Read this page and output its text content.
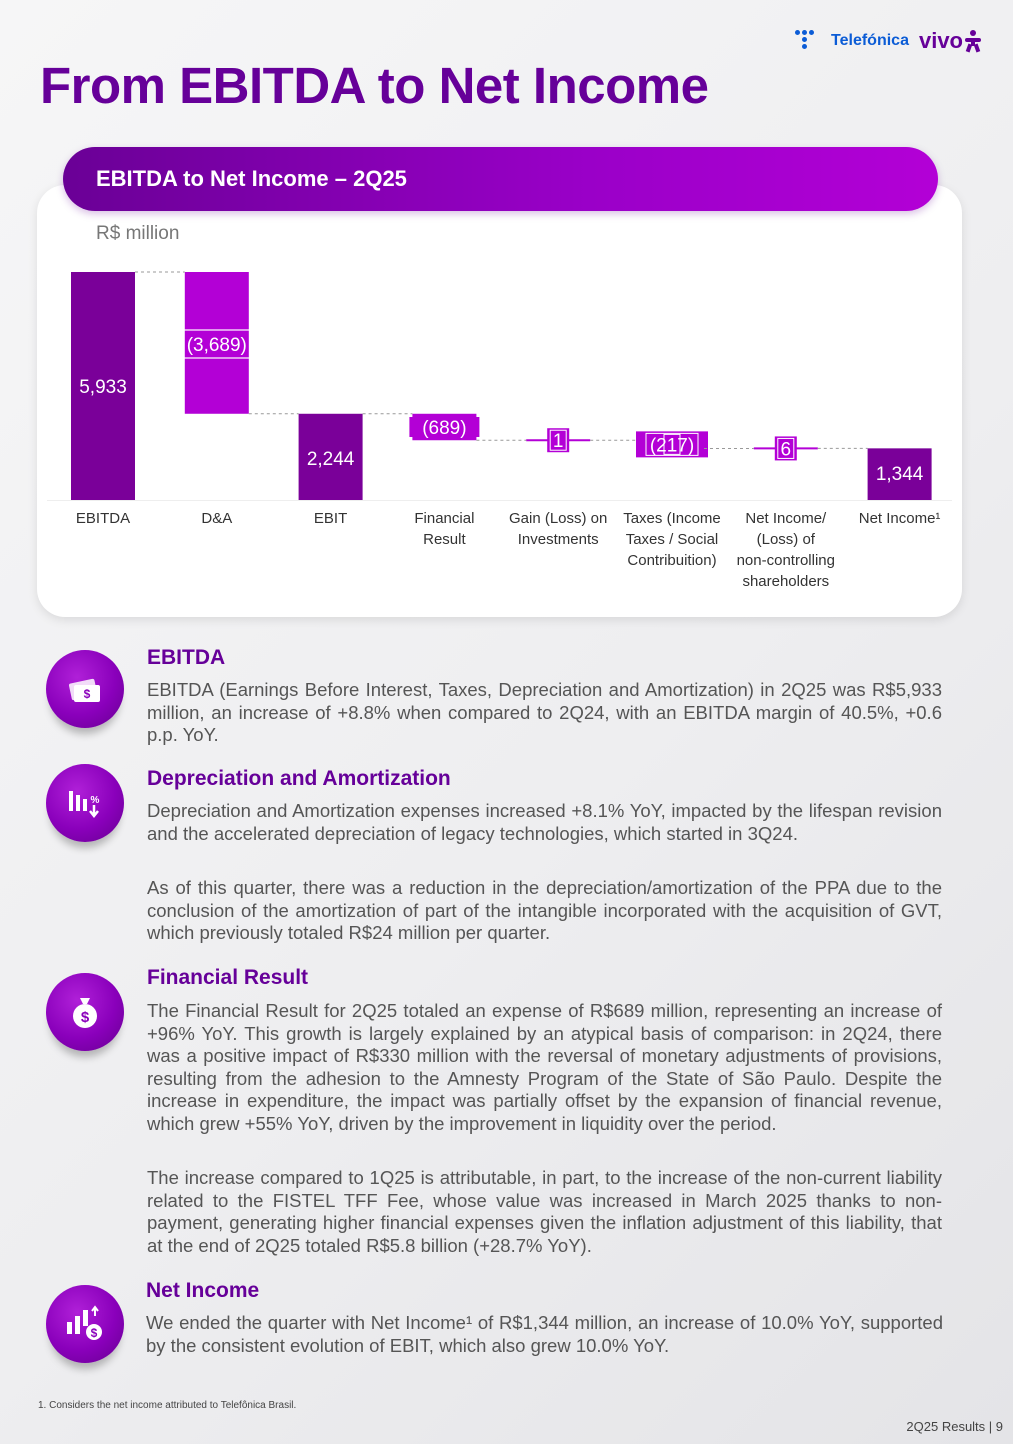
Telefónica vivo
From EBITDA to Net Income
EBITDA to Net Income – 2Q25
R$ million
5,933
(3,689)
2,244
(689)
1	(217)	6
1,344
EBITDA	D&A	EBIT	Financial
Result
Gain (Loss) on
Investments
Taxes (Income
Taxes / Social
Contribuition)
Net Income/
(Loss) of
non-controlling
shareholders
Net Income¹
$
EBITDA

EBITDA (Earnings Before Interest, Taxes, Depreciation and Amortization) in 2Q25 was R$5,933 million, an increase of +8.8% when compared to 2Q24, with an EBITDA margin of 40.5%, +0.6 p.p. YoY.

%
Depreciation and Amortization

Depreciation and Amortization expenses increased +8.1% YoY, impacted by the lifespan revision and the accelerated depreciation of legacy technologies, which started in 3Q24.

As of this quarter, there was a reduction in the depreciation/amortization of the PPA due to the conclusion of the amortization of part of the intangible incorporated with the acquisition of GVT, which previously totaled R$24 million per quarter.

$
Financial Result

The Financial Result for 2Q25 totaled an expense of R$689 million, representing an increase of +96% YoY. This growth is largely explained by an atypical basis of comparison: in 2Q24, there was a positive impact of R$330 million with the reversal of monetary adjustments of provisions, resulting from the adhesion to the Amnesty Program of the State of São Paulo. Despite the increase in expenditure, the impact was partially offset by the expansion of financial revenue, which grew +55% YoY, driven by the improvement in liquidity over the period.

The increase compared to 1Q25 is attributable, in part, to the increase of the non-current liability related to the FISTEL TFF Fee, whose value was increased in March 2025 thanks to non-payment, generating higher financial expenses given the inflation adjustment of this liability, that at the end of 2Q25 totaled R$5.8 billion (+28.7% YoY).

$
Net Income

We ended the quarter with Net Income¹ of R$1,344 million, an increase of 10.0% YoY, supported by the consistent evolution of EBIT, which also grew 10.0% YoY.

1. Considers the net income attributed to Telefônica Brasil.
2Q25 Results | 9
